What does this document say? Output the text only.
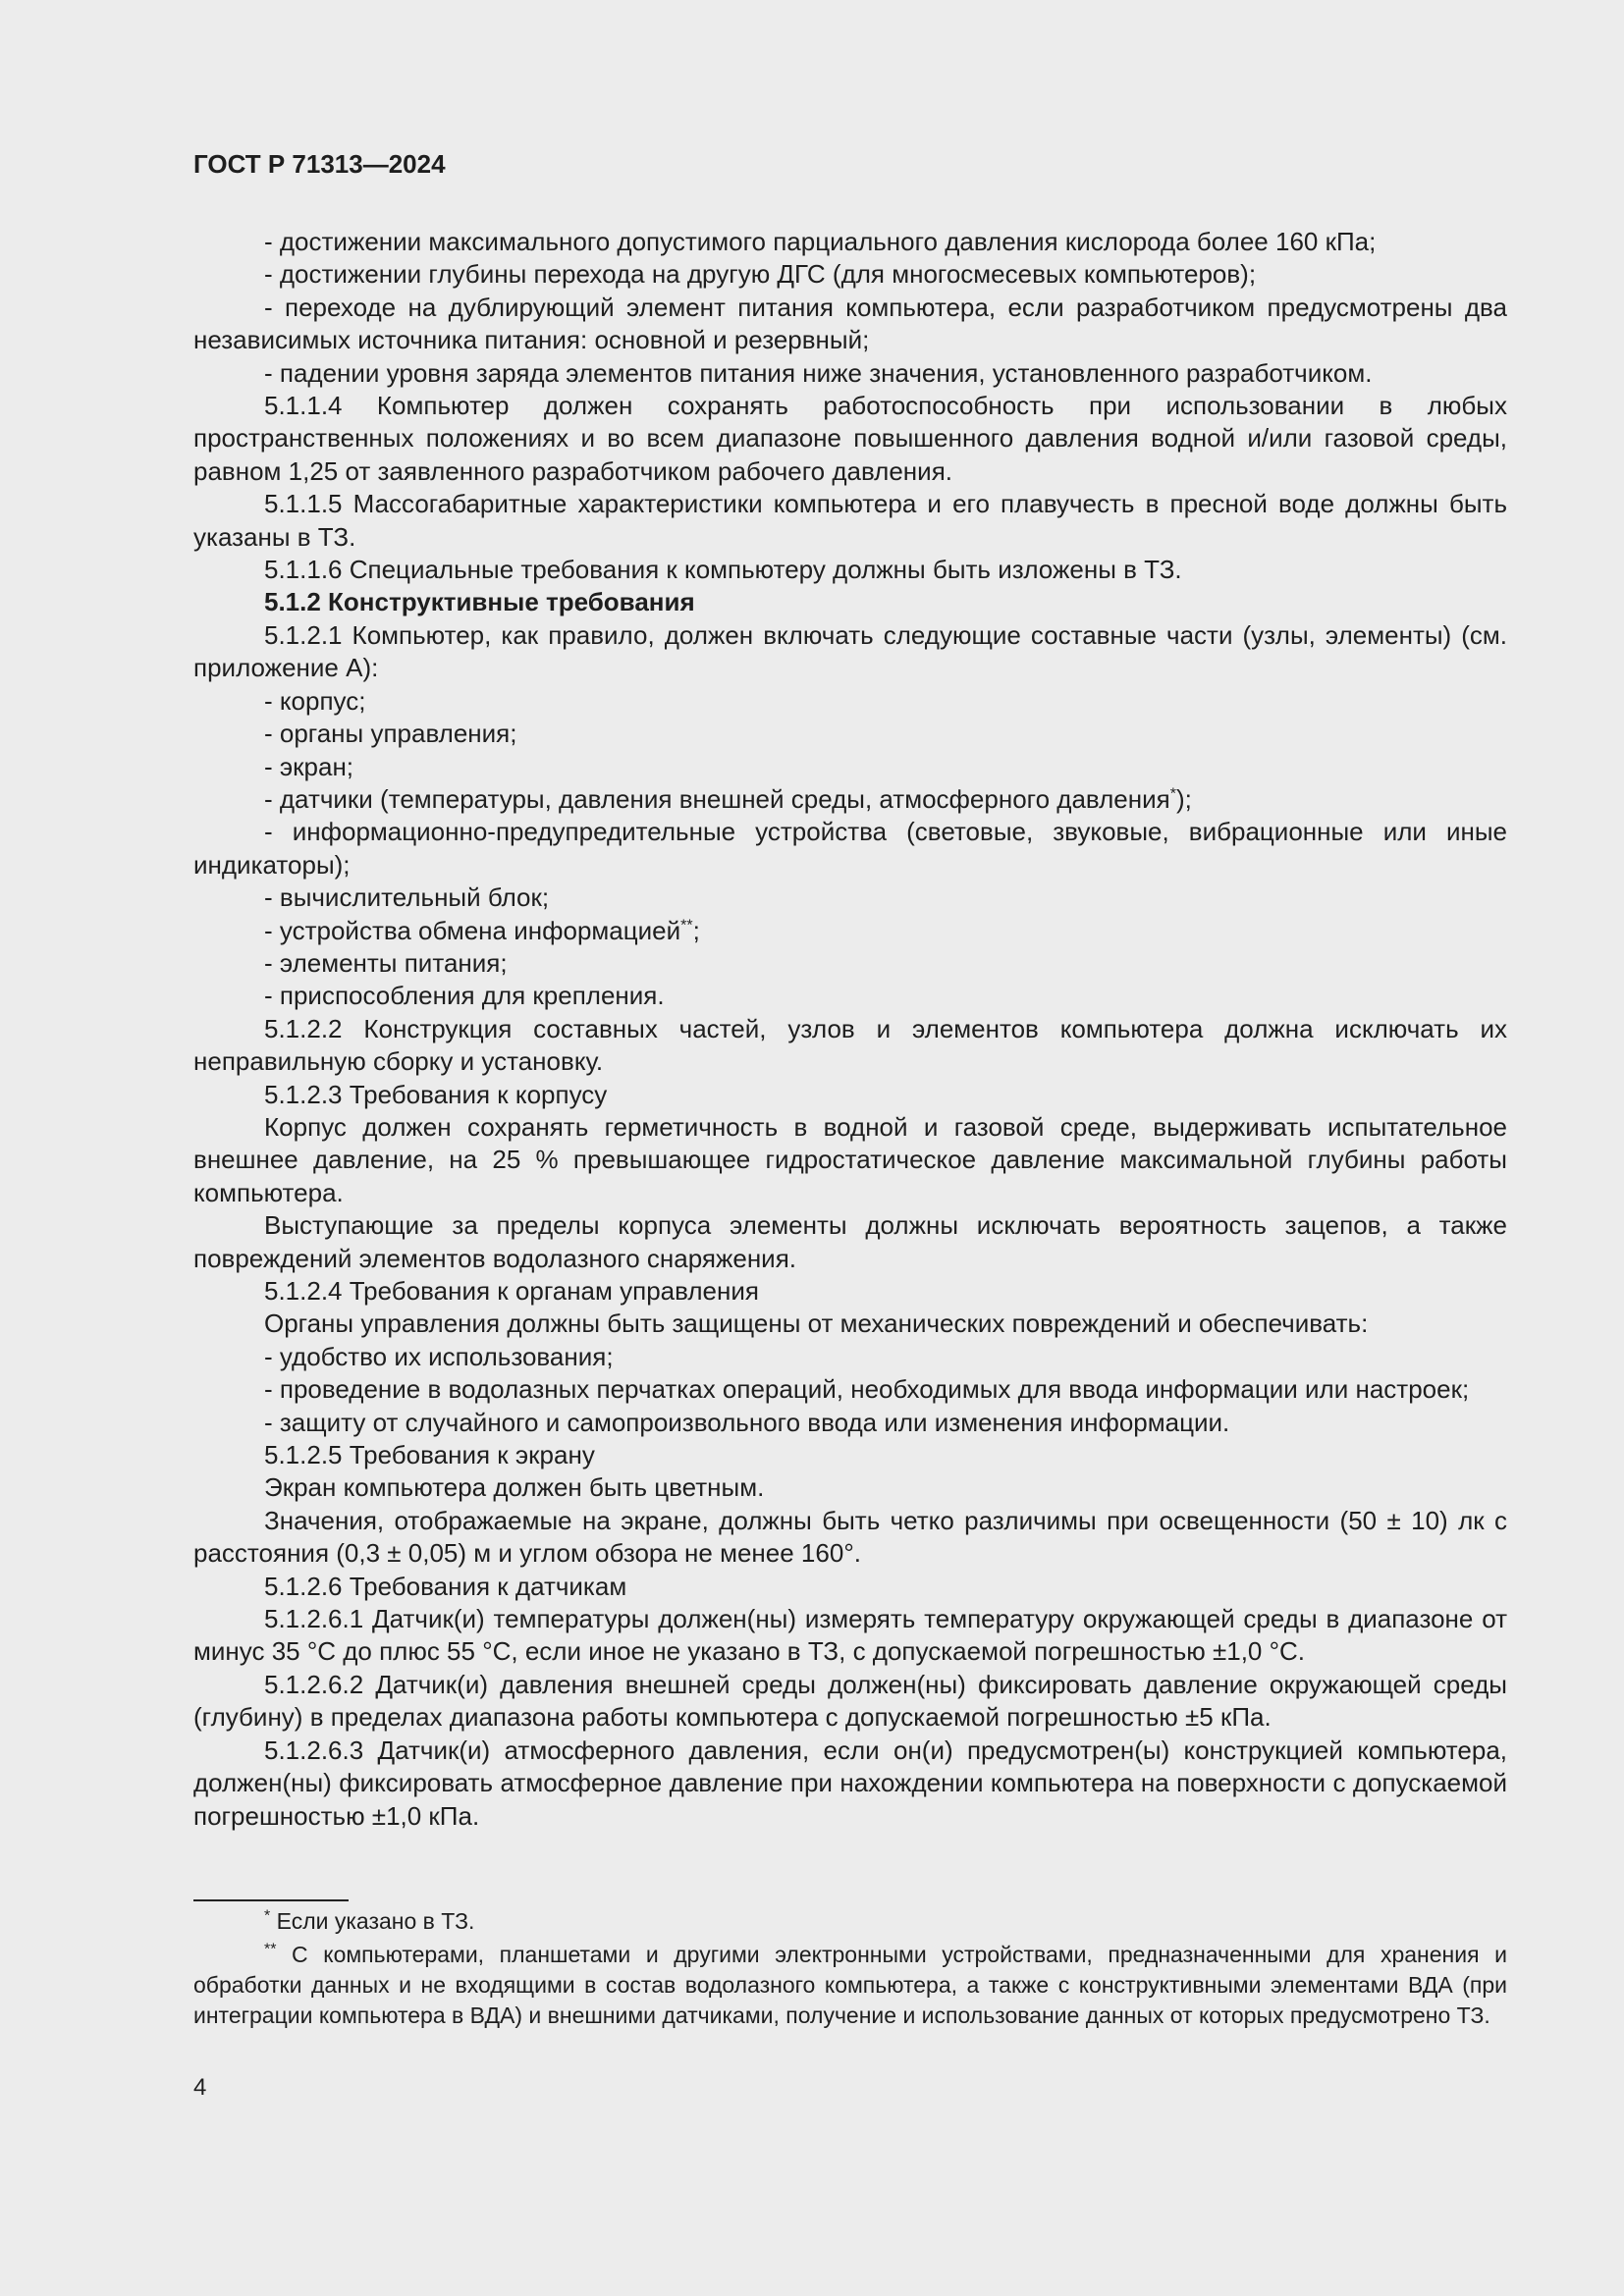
ГОСТ Р 71313—2024
- достижении максимального допустимого парциального давления кислорода более 160 кПа;
- достижении глубины перехода на другую ДГС (для многосмесевых компьютеров);
- переходе на дублирующий элемент питания компьютера, если разработчиком предусмотрены два независимых источника питания: основной и резервный;
- падении уровня заряда элементов питания ниже значения, установленного разработчиком.
5.1.1.4 Компьютер должен сохранять работоспособность при использовании в любых пространственных положениях и во всем диапазоне повышенного давления водной и/или газовой среды, равном 1,25 от заявленного разработчиком рабочего давления.
5.1.1.5 Массогабаритные характеристики компьютера и его плавучесть в пресной воде должны быть указаны в ТЗ.
5.1.1.6 Специальные требования к компьютеру должны быть изложены в ТЗ.
5.1.2 Конструктивные требования
5.1.2.1 Компьютер, как правило, должен включать следующие составные части (узлы, элементы) (см. приложение А):
- корпус;
- органы управления;
- экран;
- датчики (температуры, давления внешней среды, атмосферного давления*);
- информационно-предупредительные устройства (световые, звуковые, вибрационные или иные индикаторы);
- вычислительный блок;
- устройства обмена информацией**;
- элементы питания;
- приспособления для крепления.
5.1.2.2 Конструкция составных частей, узлов и элементов компьютера должна исключать их неправильную сборку и установку.
5.1.2.3 Требования к корпусу
Корпус должен сохранять герметичность в водной и газовой среде, выдерживать испытательное внешнее давление, на 25 % превышающее гидростатическое давление максимальной глубины работы компьютера.
Выступающие за пределы корпуса элементы должны исключать вероятность зацепов, а также повреждений элементов водолазного снаряжения.
5.1.2.4 Требования к органам управления
Органы управления должны быть защищены от механических повреждений и обеспечивать:
- удобство их использования;
- проведение в водолазных перчатках операций, необходимых для ввода информации или настроек;
- защиту от случайного и самопроизвольного ввода или изменения информации.
5.1.2.5 Требования к экрану
Экран компьютера должен быть цветным.
Значения, отображаемые на экране, должны быть четко различимы при освещенности (50 ± 10) лк с расстояния (0,3 ± 0,05) м и углом обзора не менее 160°.
5.1.2.6 Требования к датчикам
5.1.2.6.1 Датчик(и) температуры должен(ны) измерять температуру окружающей среды в диапазоне от минус 35 °С до плюс 55 °С, если иное не указано в ТЗ, с допускаемой погрешностью ±1,0 °С.
5.1.2.6.2 Датчик(и) давления внешней среды должен(ны) фиксировать давление окружающей среды (глубину) в пределах диапазона работы компьютера с допускаемой погрешностью ±5 кПа.
5.1.2.6.3 Датчик(и) атмосферного давления, если он(и) предусмотрен(ы) конструкцией компьютера, должен(ны) фиксировать атмосферное давление при нахождении компьютера на поверхности с допускаемой погрешностью ±1,0 кПа.
* Если указано в ТЗ.
** С компьютерами, планшетами и другими электронными устройствами, предназначенными для хранения и обработки данных и не входящими в состав водолазного компьютера, а также с конструктивными элементами ВДА (при интеграции компьютера в ВДА) и внешними датчиками, получение и использование данных от которых предусмотрено ТЗ.
4
